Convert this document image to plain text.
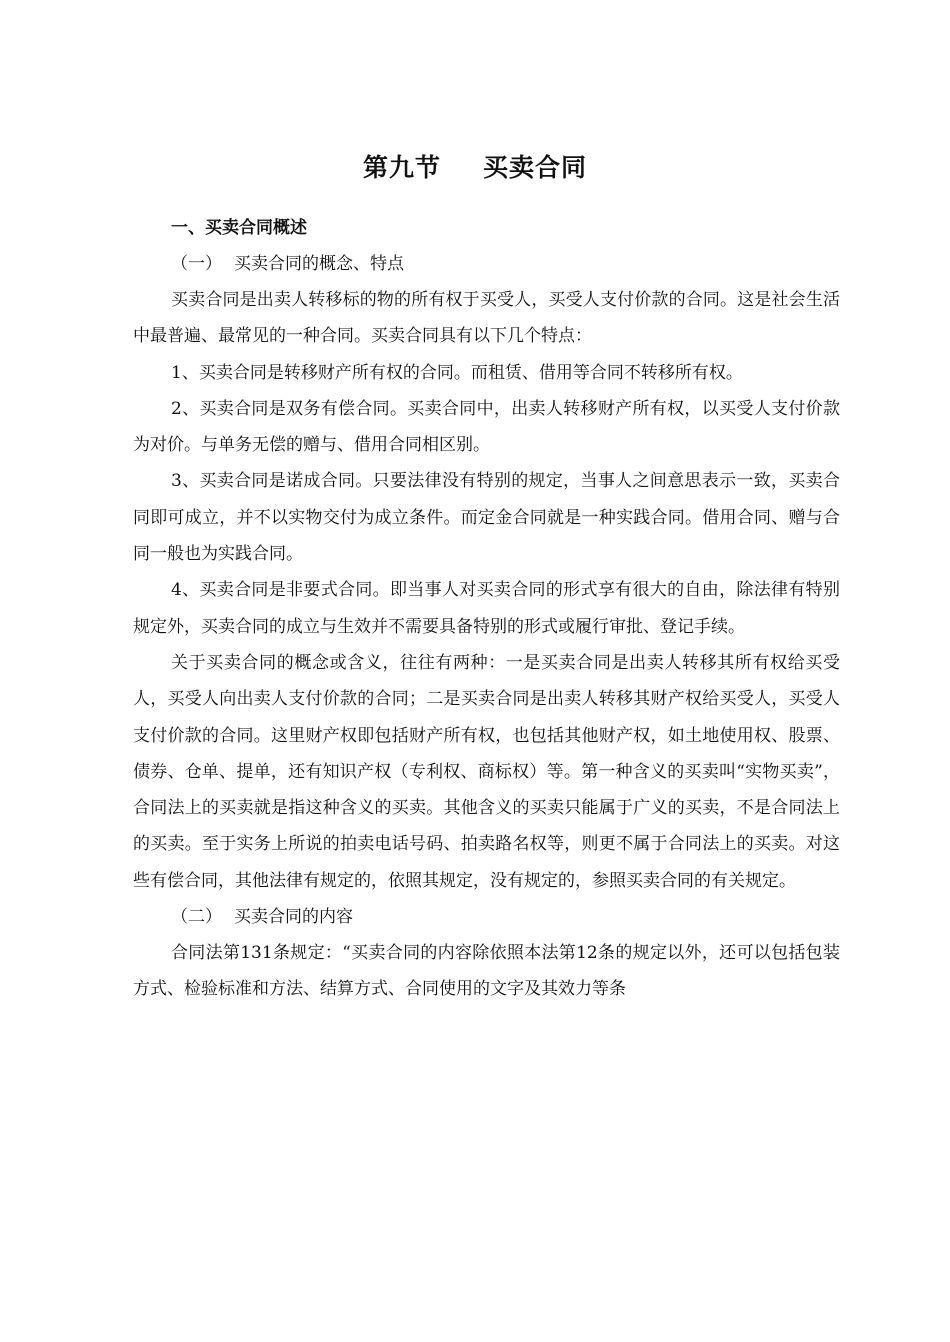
第九节 买卖合同

一、买卖合同概述

（一） 买卖合同的概念、特点

买卖合同是出卖人转移标的物的所有权于买受人，买受人支付价款的合同。这是社会生活中最普遍、最常见的一种合同。买卖合同具有以下几个特点：

1、买卖合同是转移财产所有权的合同。而租赁、借用等合同不转移所有权。

2、买卖合同是双务有偿合同。买卖合同中，出卖人转移财产所有权，以买受人支付价款为对价。与单务无偿的赠与、借用合同相区别。

3、买卖合同是诺成合同。只要法律没有特别的规定，当事人之间意思表示一致，买卖合同即可成立，并不以实物交付为成立条件。而定金合同就是一种实践合同。借用合同、赠与合同一般也为实践合同。

4、买卖合同是非要式合同。即当事人对买卖合同的形式享有很大的自由，除法律有特别规定外，买卖合同的成立与生效并不需要具备特别的形式或履行审批、登记手续。

关于买卖合同的概念或含义，往往有两种：一是买卖合同是出卖人转移其所有权给买受人，买受人向出卖人支付价款的合同；二是买卖合同是出卖人转移其财产权给买受人，买受人支付价款的合同。这里财产权即包括财产所有权，也包括其他财产权，如土地使用权、股票、债券、仓单、提单，还有知识产权（专利权、商标权）等。第一种含义的买卖叫“实物买卖”，合同法上的买卖就是指这种含义的买卖。其他含义的买卖只能属于广义的买卖，不是合同法上的买卖。至于实务上所说的拍卖电话号码、拍卖路名权等，则更不属于合同法上的买卖。对这些有偿合同，其他法律有规定的，依照其规定，没有规定的，参照买卖合同的有关规定。

（二） 买卖合同的内容

合同法第131条规定：“买卖合同的内容除依照本法第12条的规定以外，还可以包括包装方式、检验标准和方法、结算方式、合同使用的文字及其效力等条
